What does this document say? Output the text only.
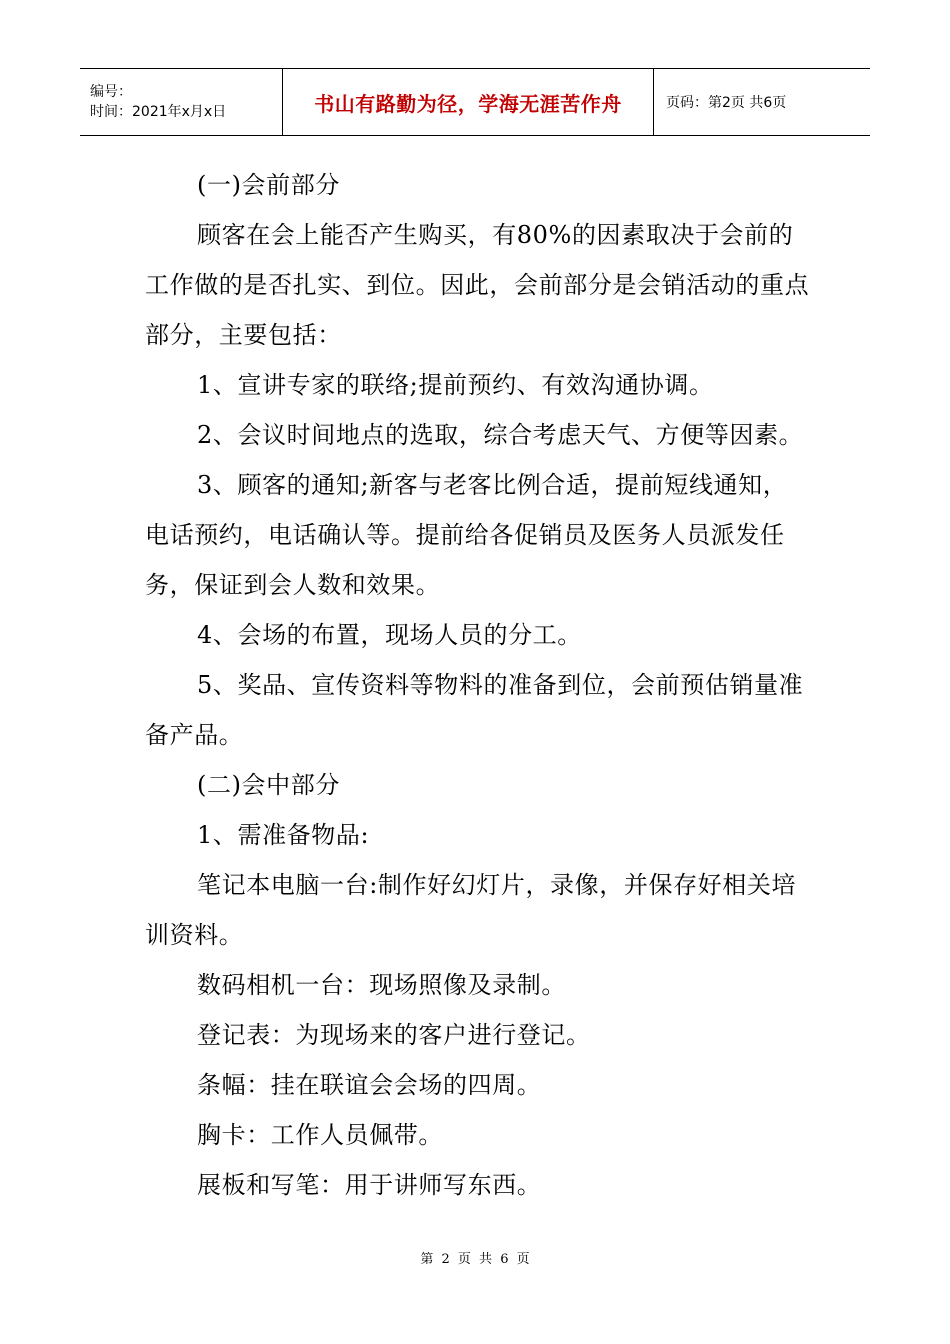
编号：
时间：2021年x月x日	书山有路勤为径，学海无涯苦作舟	页码：第2页 共6页

(一)会前部分

顾客在会上能否产生购买，有80%的因素取决于会前的工作做的是否扎实、到位。因此，会前部分是会销活动的重点部分，主要包括：

1、宣讲专家的联络;提前预约、有效沟通协调。

2、会议时间地点的选取，综合考虑天气、方便等因素。

3、顾客的通知;新客与老客比例合适，提前短线通知，电话预约，电话确认等。提前给各促销员及医务人员派发任务，保证到会人数和效果。

4、会场的布置，现场人员的分工。

5、奖品、宣传资料等物料的准备到位，会前预估销量准备产品。

(二)会中部分

1、需准备物品:

笔记本电脑一台:制作好幻灯片，录像，并保存好相关培训资料。

数码相机一台：现场照像及录制。

登记表：为现场来的客户进行登记。

条幅：挂在联谊会会场的四周。

胸卡：工作人员佩带。

展板和写笔：用于讲师写东西。

第 2 页 共 6 页
